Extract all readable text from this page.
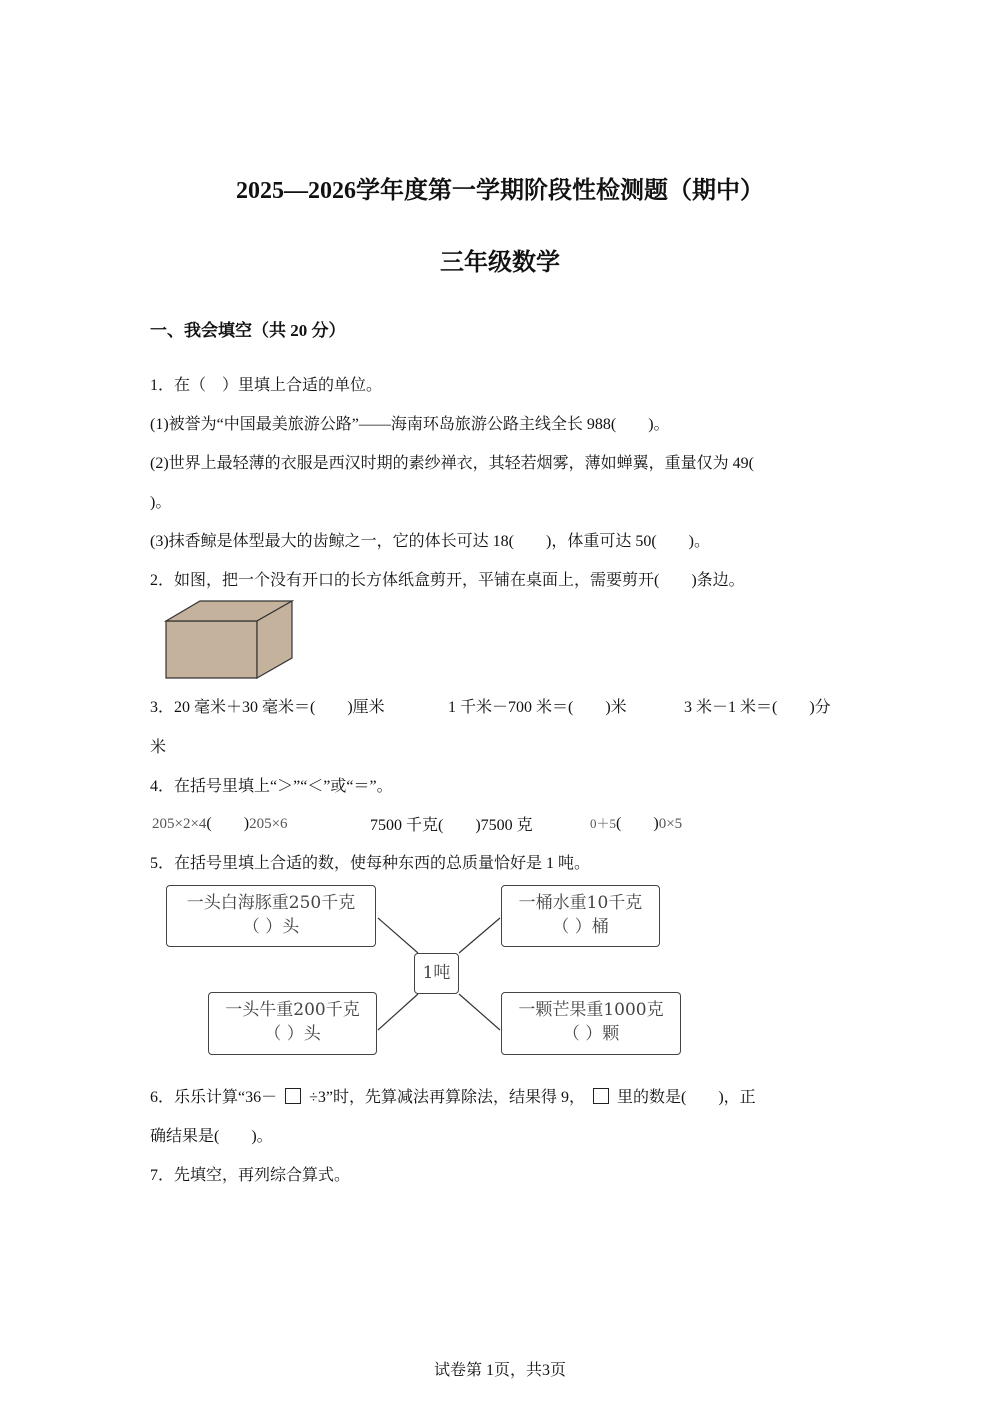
2025—2026学年度第一学期阶段性检测题（期中）
三年级数学
一、我会填空（共 20 分）
1．在（　）里填上合适的单位。
(1)被誉为“中国最美旅游公路”——海南环岛旅游公路主线全长 988(　　)。
(2)世界上最轻薄的衣服是西汉时期的素纱禅衣，其轻若烟雾，薄如蝉翼，重量仅为 49(
)。
(3)抹香鲸是体型最大的齿鲸之一，它的体长可达 18(　　)，体重可达 50(　　)。
2．如图，把一个没有开口的长方体纸盒剪开，平铺在桌面上，需要剪开(　　)条边。
3．20 毫米＋30 毫米＝(　　)厘米	1 千米－700 米＝(　　)米	3 米－1 米＝(　　)分
米
4．在括号里填上“＞”“＜”或“＝”。
205×2×4(　　)205×6	7500 千克(　　)7500 克	0＋5(　　)0×5
5．在括号里填上合适的数，使每种东西的总质量恰好是 1 吨。
一头白海豚重250千克
（ ）头
一桶水重10千克
（ ）桶
1吨
一头牛重200千克
（ ）头
一颗芒果重1000克
（ ）颗
6．乐乐计算“36－ ÷3”时，先算减法再算除法，结果得 9， 里的数是(　　)，正
确结果是(　　)。
7．先填空，再列综合算式。
试卷第 1页，共3页
